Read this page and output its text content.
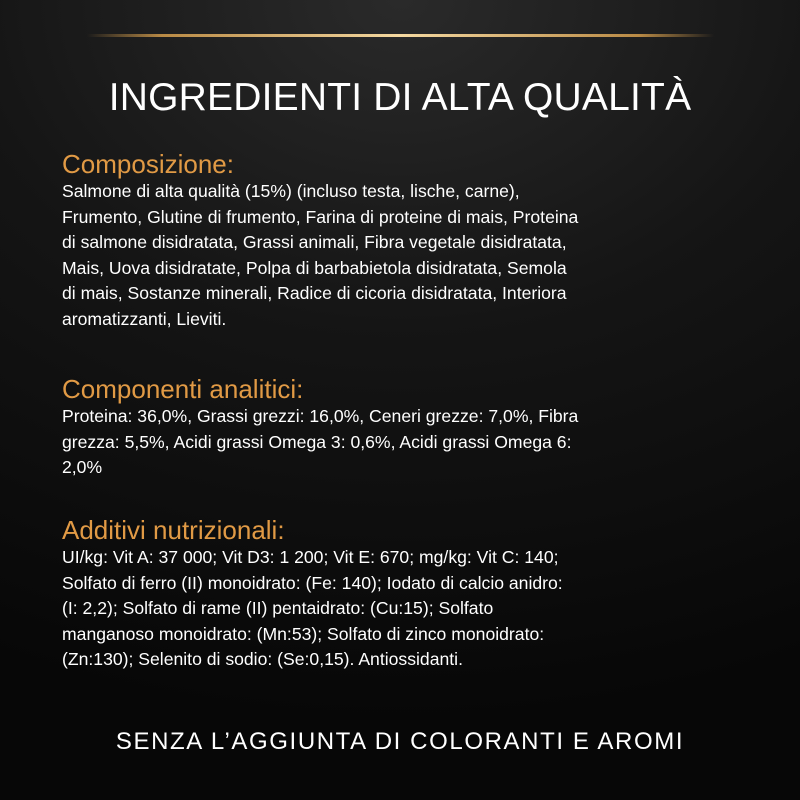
INGREDIENTI DI ALTA QUALITÀ
Composizione:

Salmone di alta qualità (15%) (incluso testa, lische, carne),
Frumento, Glutine di frumento, Farina di proteine di mais, Proteina
di salmone disidratata, Grassi animali, Fibra vegetale disidratata,
Mais, Uova disidratate, Polpa di barbabietola disidratata, Semola
di mais, Sostanze minerali, Radice di cicoria disidratata, Interiora
aromatizzanti, Lieviti.

Componenti analitici:

Proteina: 36,0%, Grassi grezzi: 16,0%, Ceneri grezze: 7,0%, Fibra
grezza: 5,5%, Acidi grassi Omega 3: 0,6%, Acidi grassi Omega 6:
2,0%

Additivi nutrizionali:

UI/kg: Vit A: 37 000; Vit D3: 1 200; Vit E: 670; mg/kg: Vit C: 140;
Solfato di ferro (II) monoidrato: (Fe: 140); Iodato di calcio anidro:
(I: 2,2); Solfato di rame (II) pentaidrato: (Cu:15); Solfato
manganoso monoidrato: (Mn:53); Solfato di zinco monoidrato:
(Zn:130); Selenito di sodio: (Se:0,15). Antiossidanti.

SENZA L’AGGIUNTA DI COLORANTI E AROMI
